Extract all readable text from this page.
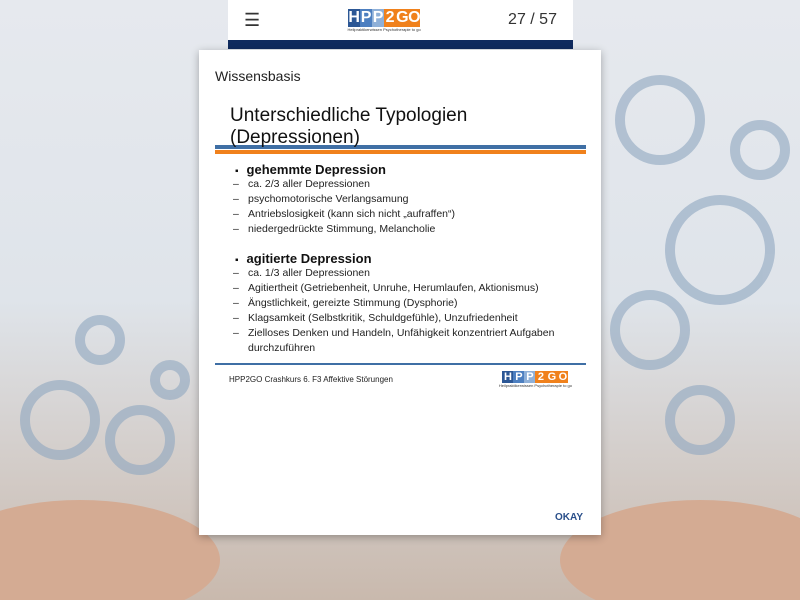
☰	H P P 2 G O
Heilpraktikerwissen Psychotherapie to go
27 / 57
Wissensbasis
Unterschiedliche Typologien (Depressionen)
▪ gehemmte Depression
– ca. 2/3 aller Depressionen
– psychomotorische Verlangsamung
– Antriebslosigkeit (kann sich nicht „aufraffen“)
– niedergedrückte Stimmung, Melancholie
▪ agitierte Depression
– ca. 1/3 aller Depressionen
– Agitiertheit (Getriebenheit, Unruhe, Herumlaufen, Aktionismus)
– Ängstlichkeit, gereizte Stimmung (Dysphorie)
– Klagsamkeit (Selbstkritik, Schuldgefühle), Unzufriedenheit
– Zielloses Denken und Handeln, Unfähigkeit konzentriert Aufgaben durchzuführen
HPP2GO Crashkurs 6. F3 Affektive Störungen	H P P 2 G O
Heilpraktikerwissen Psychotherapie to go
OKAY
